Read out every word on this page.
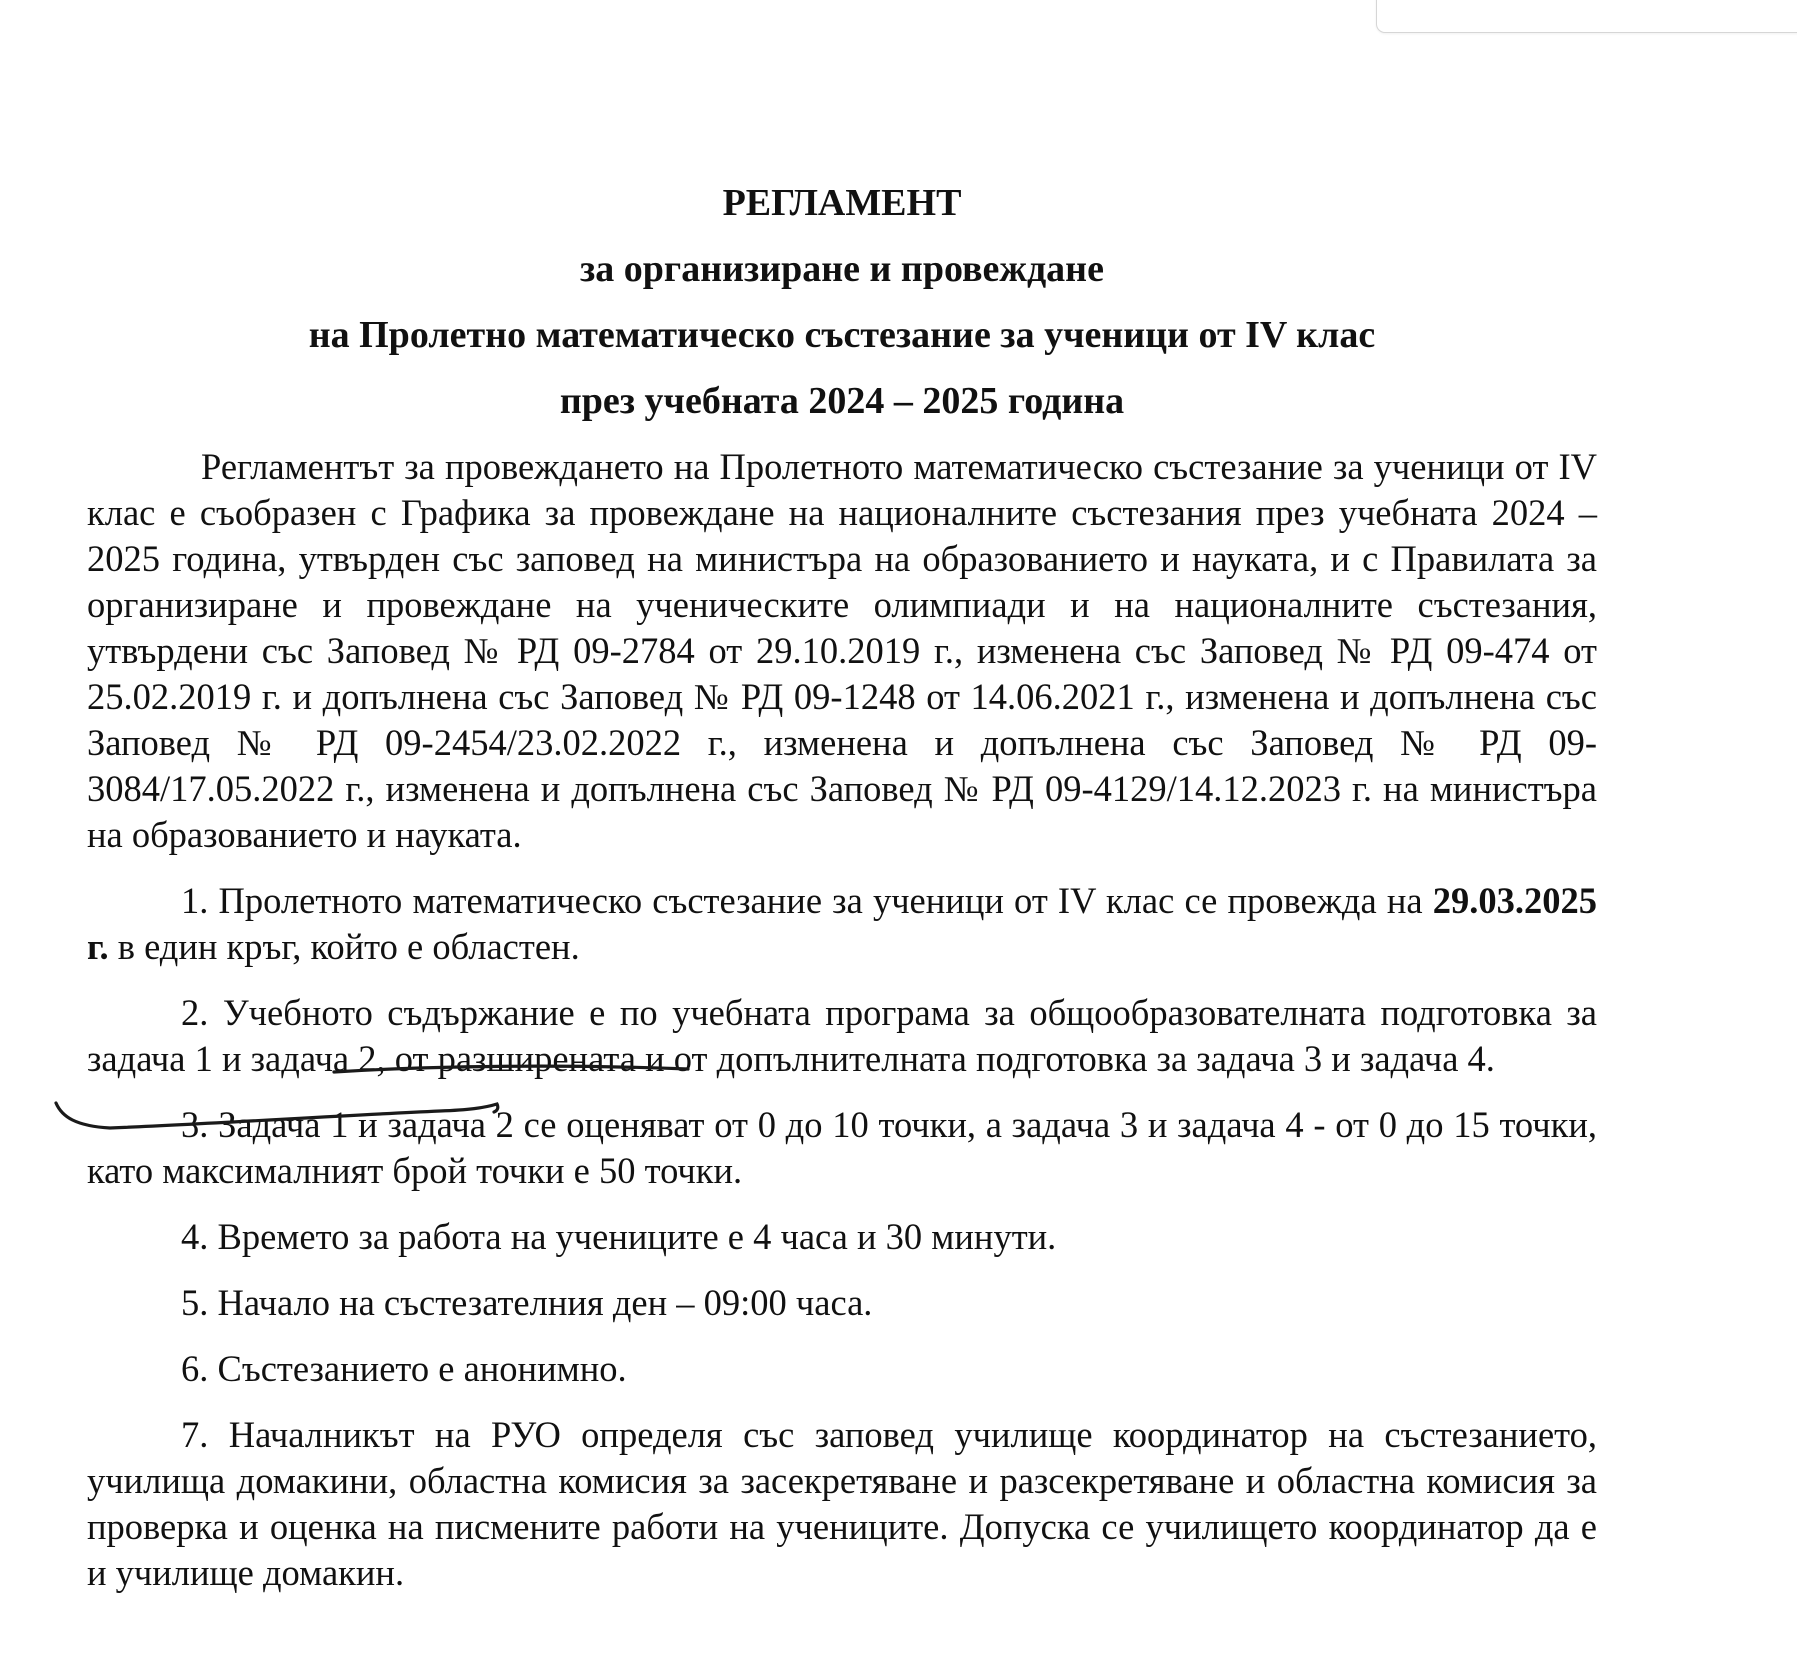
РЕГЛАМЕНТ
за организиране и провеждане
на Пролетно математическо състезание за ученици от IV клас
през учебната 2024 – 2025 година

Регламентът за провеждането на Пролетното математическо състезание за ученици от IV клас е съобразен с Графика за провеждане на националните състезания през учебната 2024 – 2025 година, утвърден със заповед на министъра на образованието и науката, и с Правилата за организиране и провеждане на ученическите олимпиади и на националните състезания, утвърдени със Заповед № РД 09-2784 от 29.10.2019 г., изменена със Заповед № РД 09-474 от 25.02.2019 г. и допълнена със Заповед № РД 09-1248 от 14.06.2021 г., изменена и допълнена със Заповед № РД 09-2454/23.02.2022 г., изменена и допълнена със Заповед № РД 09-3084/17.05.2022 г., изменена и допълнена със Заповед № РД 09-4129/14.12.2023 г. на министъра на образованието и науката.

1. Пролетното математическо състезание за ученици от IV клас се провежда на 29.03.2025 г. в един кръг, който е областен.

2. Учебното съдържание е по учебната програма за общообразователната подготовка за задача 1 и задача 2, от разширената и от допълнителната подготовка за задача 3 и задача 4.

3. Задача 1 и задача 2 се оценяват от 0 до 10 точки, а задача 3 и задача 4 - от 0 до 15 точки, като максималният брой точки е 50 точки.

4. Времето за работа на учениците е 4 часа и 30 минути.

5. Начало на състезателния ден – 09:00 часа.

6. Състезанието е анонимно.

7. Началникът на РУО определя със заповед училище координатор на състезанието, училища домакини, областна комисия за засекретяване и разсекретяване и областна комисия за проверка и оценка на писмените работи на учениците. Допуска се училището координатор да е и училище домакин.
